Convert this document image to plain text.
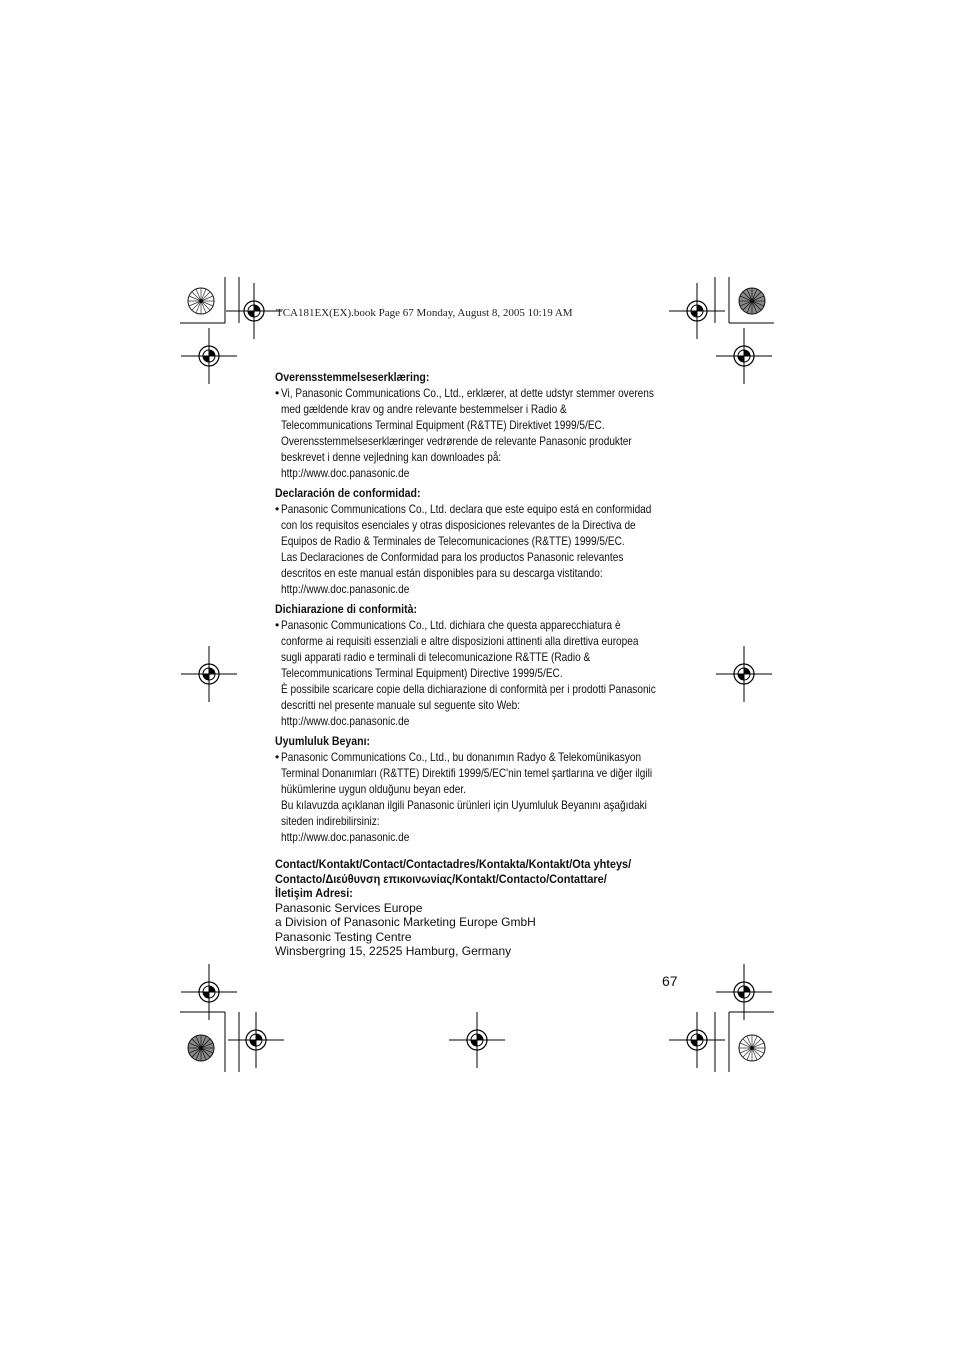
TCA181EX(EX).book Page 67 Monday, August 8, 2005 10:19 AM
Overensstemmelseserklæring:
• Vi, Panasonic Communications Co., Ltd., erklærer, at dette udstyr stemmer overens
med gældende krav og andre relevante bestemmelser i Radio &
Telecommunications Terminal Equipment (R&TTE) Direktivet 1999/5/EC.
Overensstemmelseserklæringer vedrørende de relevante Panasonic produkter
beskrevet i denne vejledning kan downloades på:
http://www.doc.panasonic.de
Declaración de conformidad:
• Panasonic Communications Co., Ltd. declara que este equipo está en conformidad
con los requisitos esenciales y otras disposiciones relevantes de la Directiva de
Equipos de Radio & Terminales de Telecomunicaciones (R&TTE) 1999/5/EC.
Las Declaraciones de Conformidad para los productos Panasonic relevantes
descritos en este manual están disponibles para su descarga vistitando:
http://www.doc.panasonic.de
Dichiarazione di conformità:
• Panasonic Communications Co., Ltd. dichiara che questa apparecchiatura è
conforme ai requisiti essenziali e altre disposizioni attinenti alla direttiva europea
sugli apparati radio e terminali di telecomunicazione R&TTE (Radio &
Telecommunications Terminal Equipment) Directive 1999/5/EC.
È possibile scaricare copie della dichiarazione di conformità per i prodotti Panasonic
descritti nel presente manuale sul seguente sito Web:
http://www.doc.panasonic.de
Uyumluluk Beyanı:
• Panasonic Communications Co., Ltd., bu donanımın Radyo & Telekomünikasyon
Terminal Donanımları (R&TTE) Direktifi 1999/5/EC'nin temel şartlarına ve diğer ilgili
hükümlerine uygun olduğunu beyan eder.
Bu kılavuzda açıklanan ilgili Panasonic ürünleri için Uyumluluk Beyanını aşağıdaki
siteden indirebilirsiniz:
http://www.doc.panasonic.de
Contact/Kontakt/Contact/Contactadres/Kontakta/Kontakt/Ota yhteys/
Contacto/Διεύθυνση επικοινωνίας/Kontakt/Contacto/Contattare/
İletişim Adresi:
Panasonic Services Europe
a Division of Panasonic Marketing Europe GmbH
Panasonic Testing Centre
Winsbergring 15, 22525 Hamburg, Germany
67
